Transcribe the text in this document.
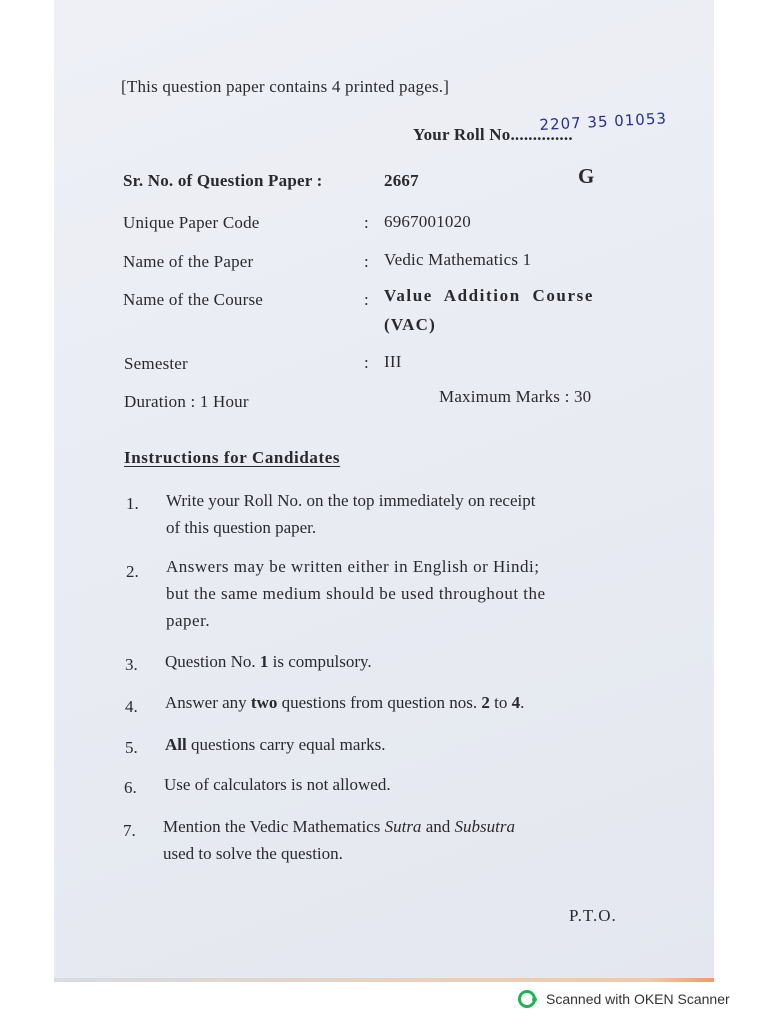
[This question paper contains 4 printed pages.]
Your Roll No..............
2207 35 01053
Sr. No. of Question Paper :	2667	G
Unique Paper Code	: 6967001020
Name of the Paper	: Vedic Mathematics 1
Name of the Course	: Value  Addition  Course
(VAC)
Semester	: III
Duration : 1 Hour	Maximum Marks : 30
Instructions for Candidates
1. Write your Roll No. on the top immediately on receipt
of this question paper.
2. Answers may be written either in English or Hindi;
but the same medium should be used throughout the
paper.
3. Question No. 1 is compulsory.
4. Answer any two questions from question nos. 2 to 4.
5. All questions carry equal marks.
6. Use of calculators is not allowed.
7. Mention the Vedic Mathematics Sutra and Subsutra
used to solve the question.
P.T.O.
Scanned with OKEN Scanner
